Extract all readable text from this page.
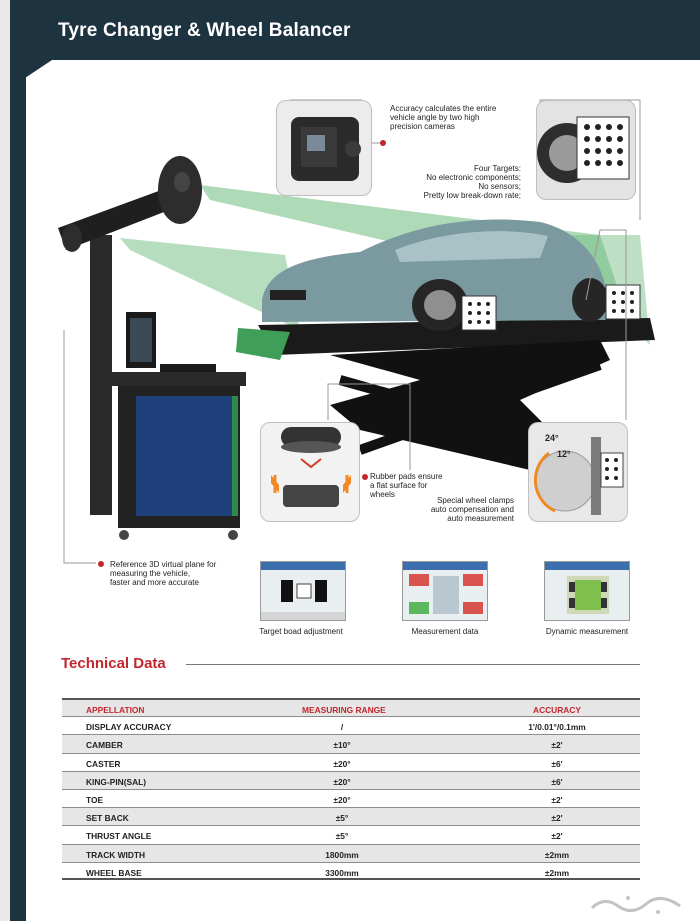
Tyre Changer & Wheel Balancer
Accuracy calculates the entire
vehicle angle by two high
precision cameras
Four Targets:
No electronic components;
No sensors;
Pretty low break-down rate;
Rubber pads ensure
a flat surface for
wheels
24°
12°
Special wheel clamps
auto compensation and
auto measurement
Reference 3D virtual plane for
measuring the vehicle,
faster and more accurate
Target boad adjustment	Measurement data	Dynamic measurement
Technical Data
APPELLATION	MEASURING RANGE	ACCURACY
DISPLAY ACCURACY	/	1'/0.01°/0.1mm
CAMBER	±10°	±2'
CASTER	±20°	±6'
KING-PIN(SAL)	±20°	±6'
TOE	±20°	±2'
SET BACK	±5°	±2'
THRUST ANGLE	±5°	±2'
TRACK WIDTH	1800mm	±2mm
WHEEL BASE	3300mm	±2mm
